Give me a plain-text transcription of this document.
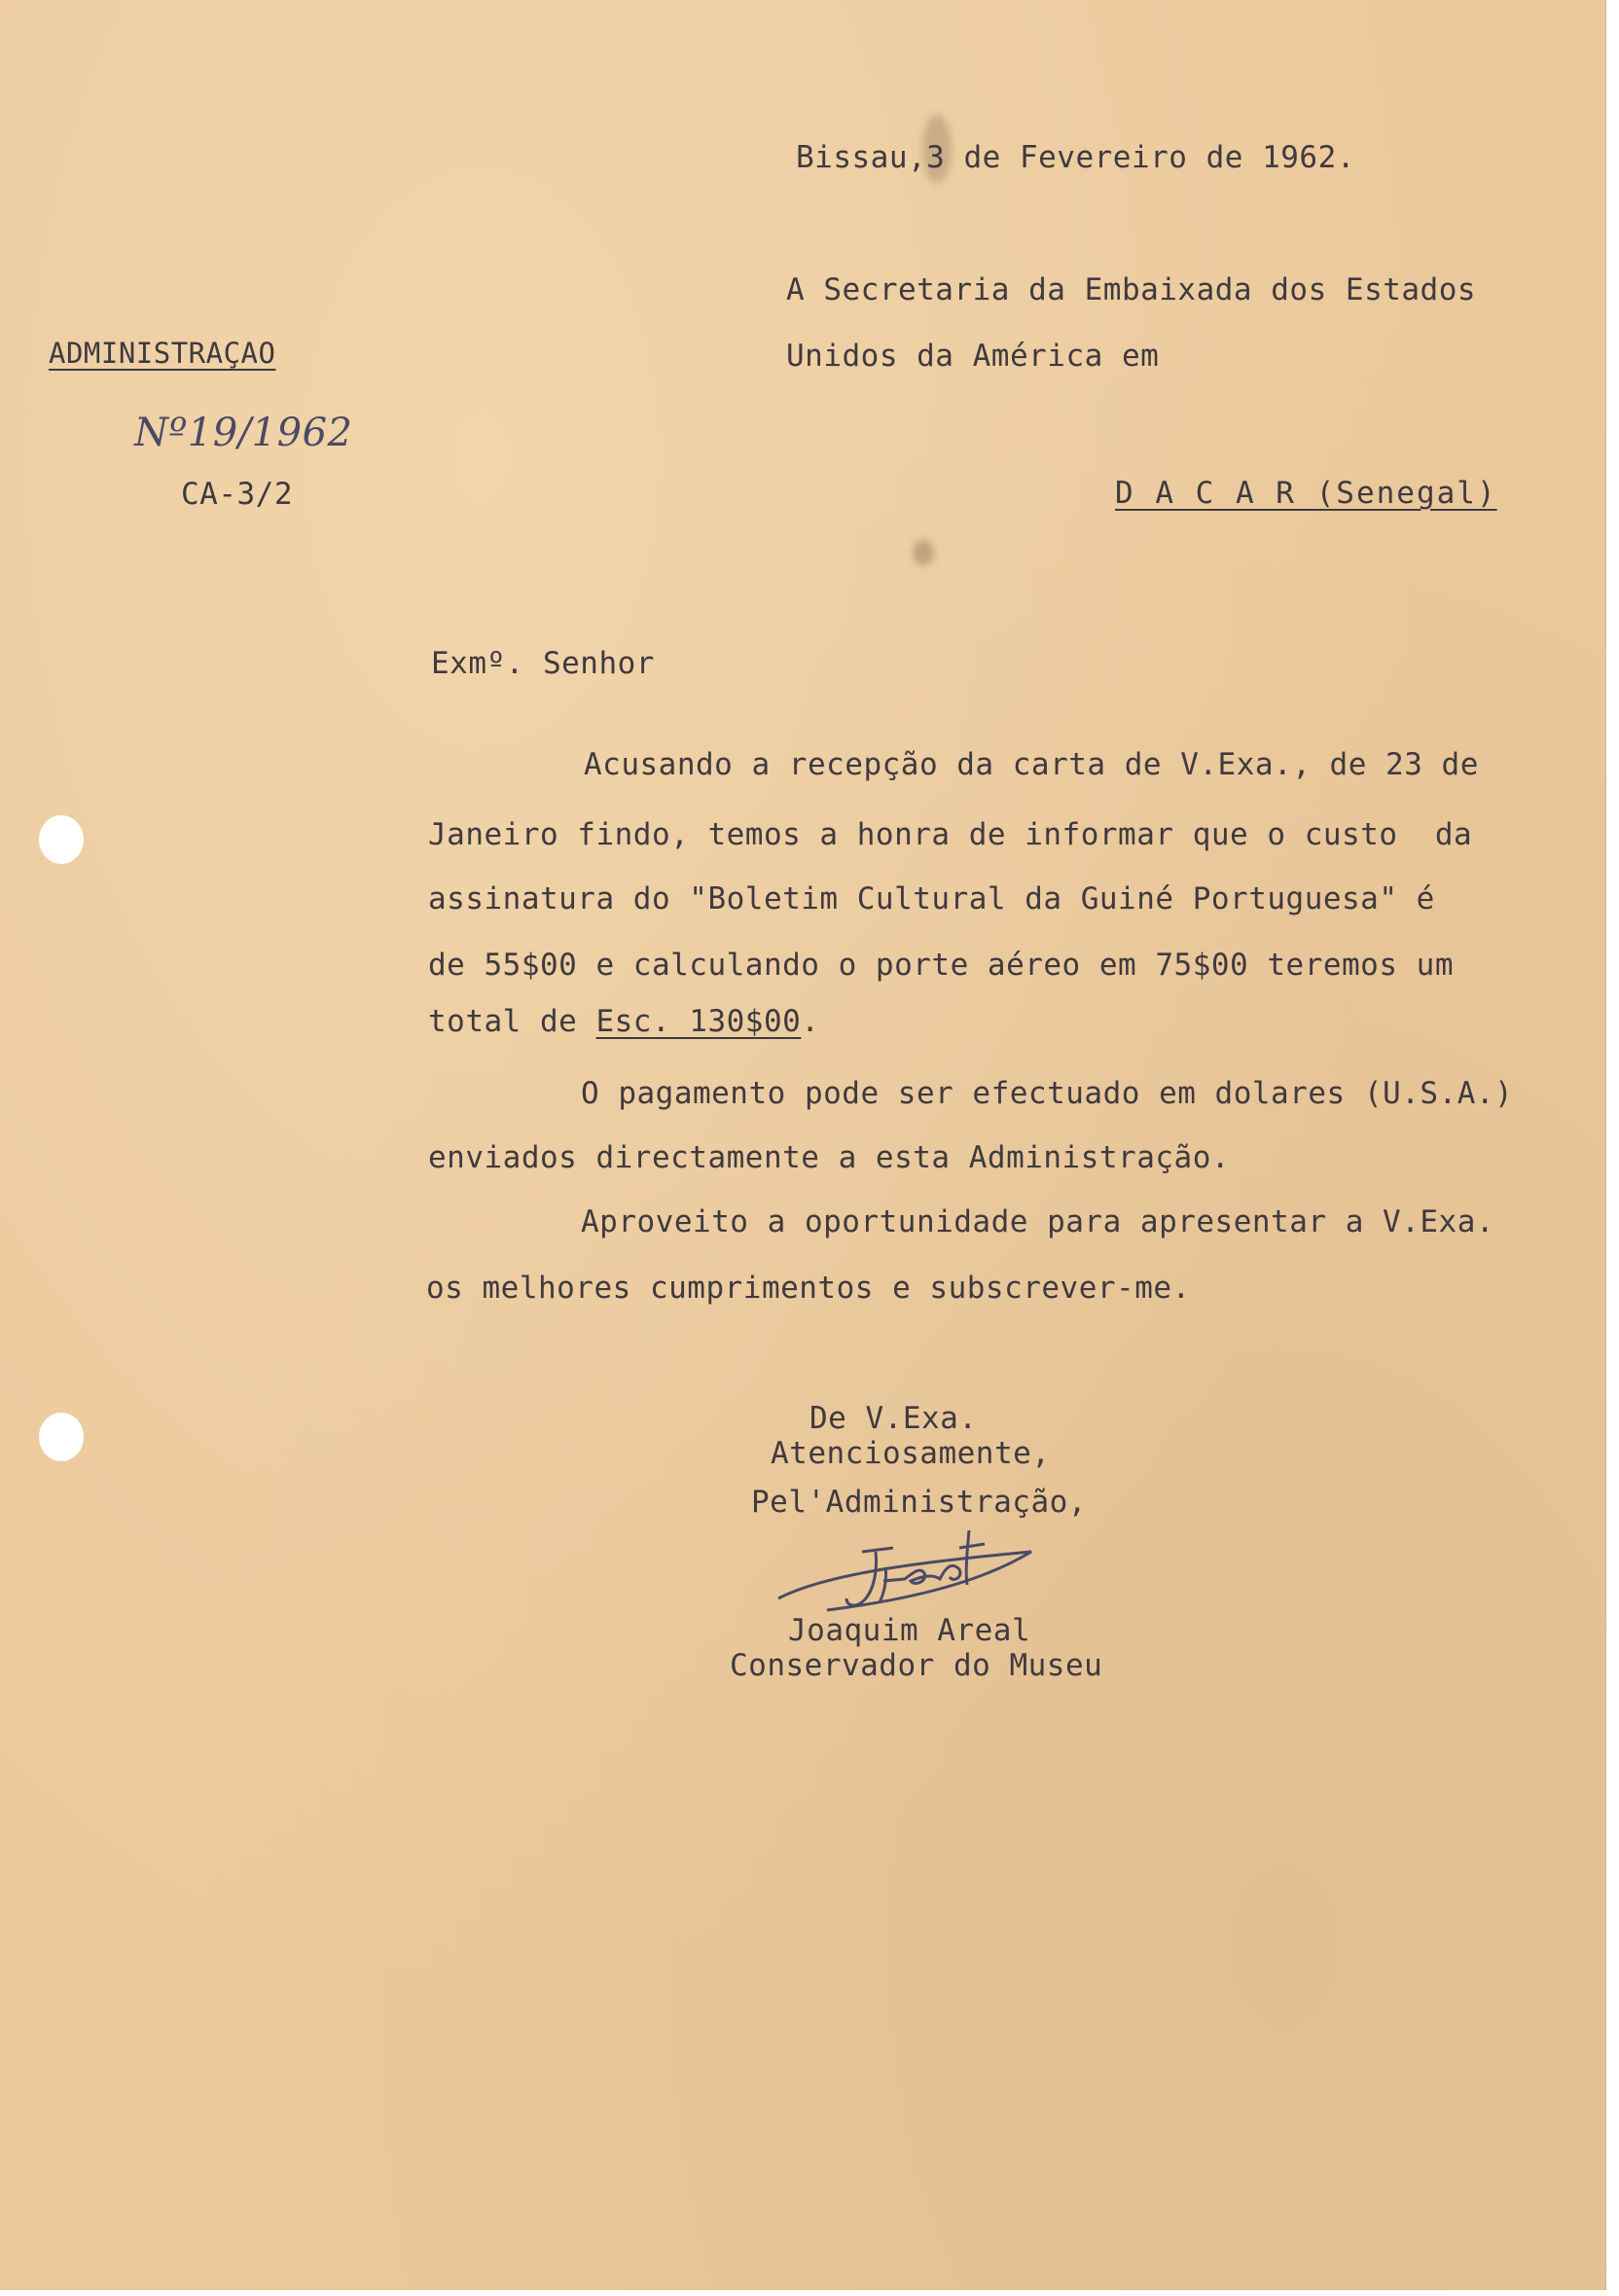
Bissau,3 de Fevereiro de 1962.
A Secretaria da Embaixada dos Estados
Unidos da América em
D A C A R (Senegal)
ADMINISTRAÇAO
Nº19/1962
CA-3/2
Exmº. Senhor
Acusando a recepção da carta de V.Exa., de 23 de
Janeiro findo, temos a honra de informar que o custo  da
assinatura do "Boletim Cultural da Guiné Portuguesa" é
de 55$00 e calculando o porte aéreo em 75$00 teremos um
total de Esc. 130$00.
O pagamento pode ser efectuado em dolares (U.S.A.)
enviados directamente a esta Administração.
Aproveito a oportunidade para apresentar a V.Exa.
os melhores cumprimentos e subscrever-me.
De V.Exa.
Atenciosamente,
Pel'Administração,
Joaquim Areal
Conservador do Museu
